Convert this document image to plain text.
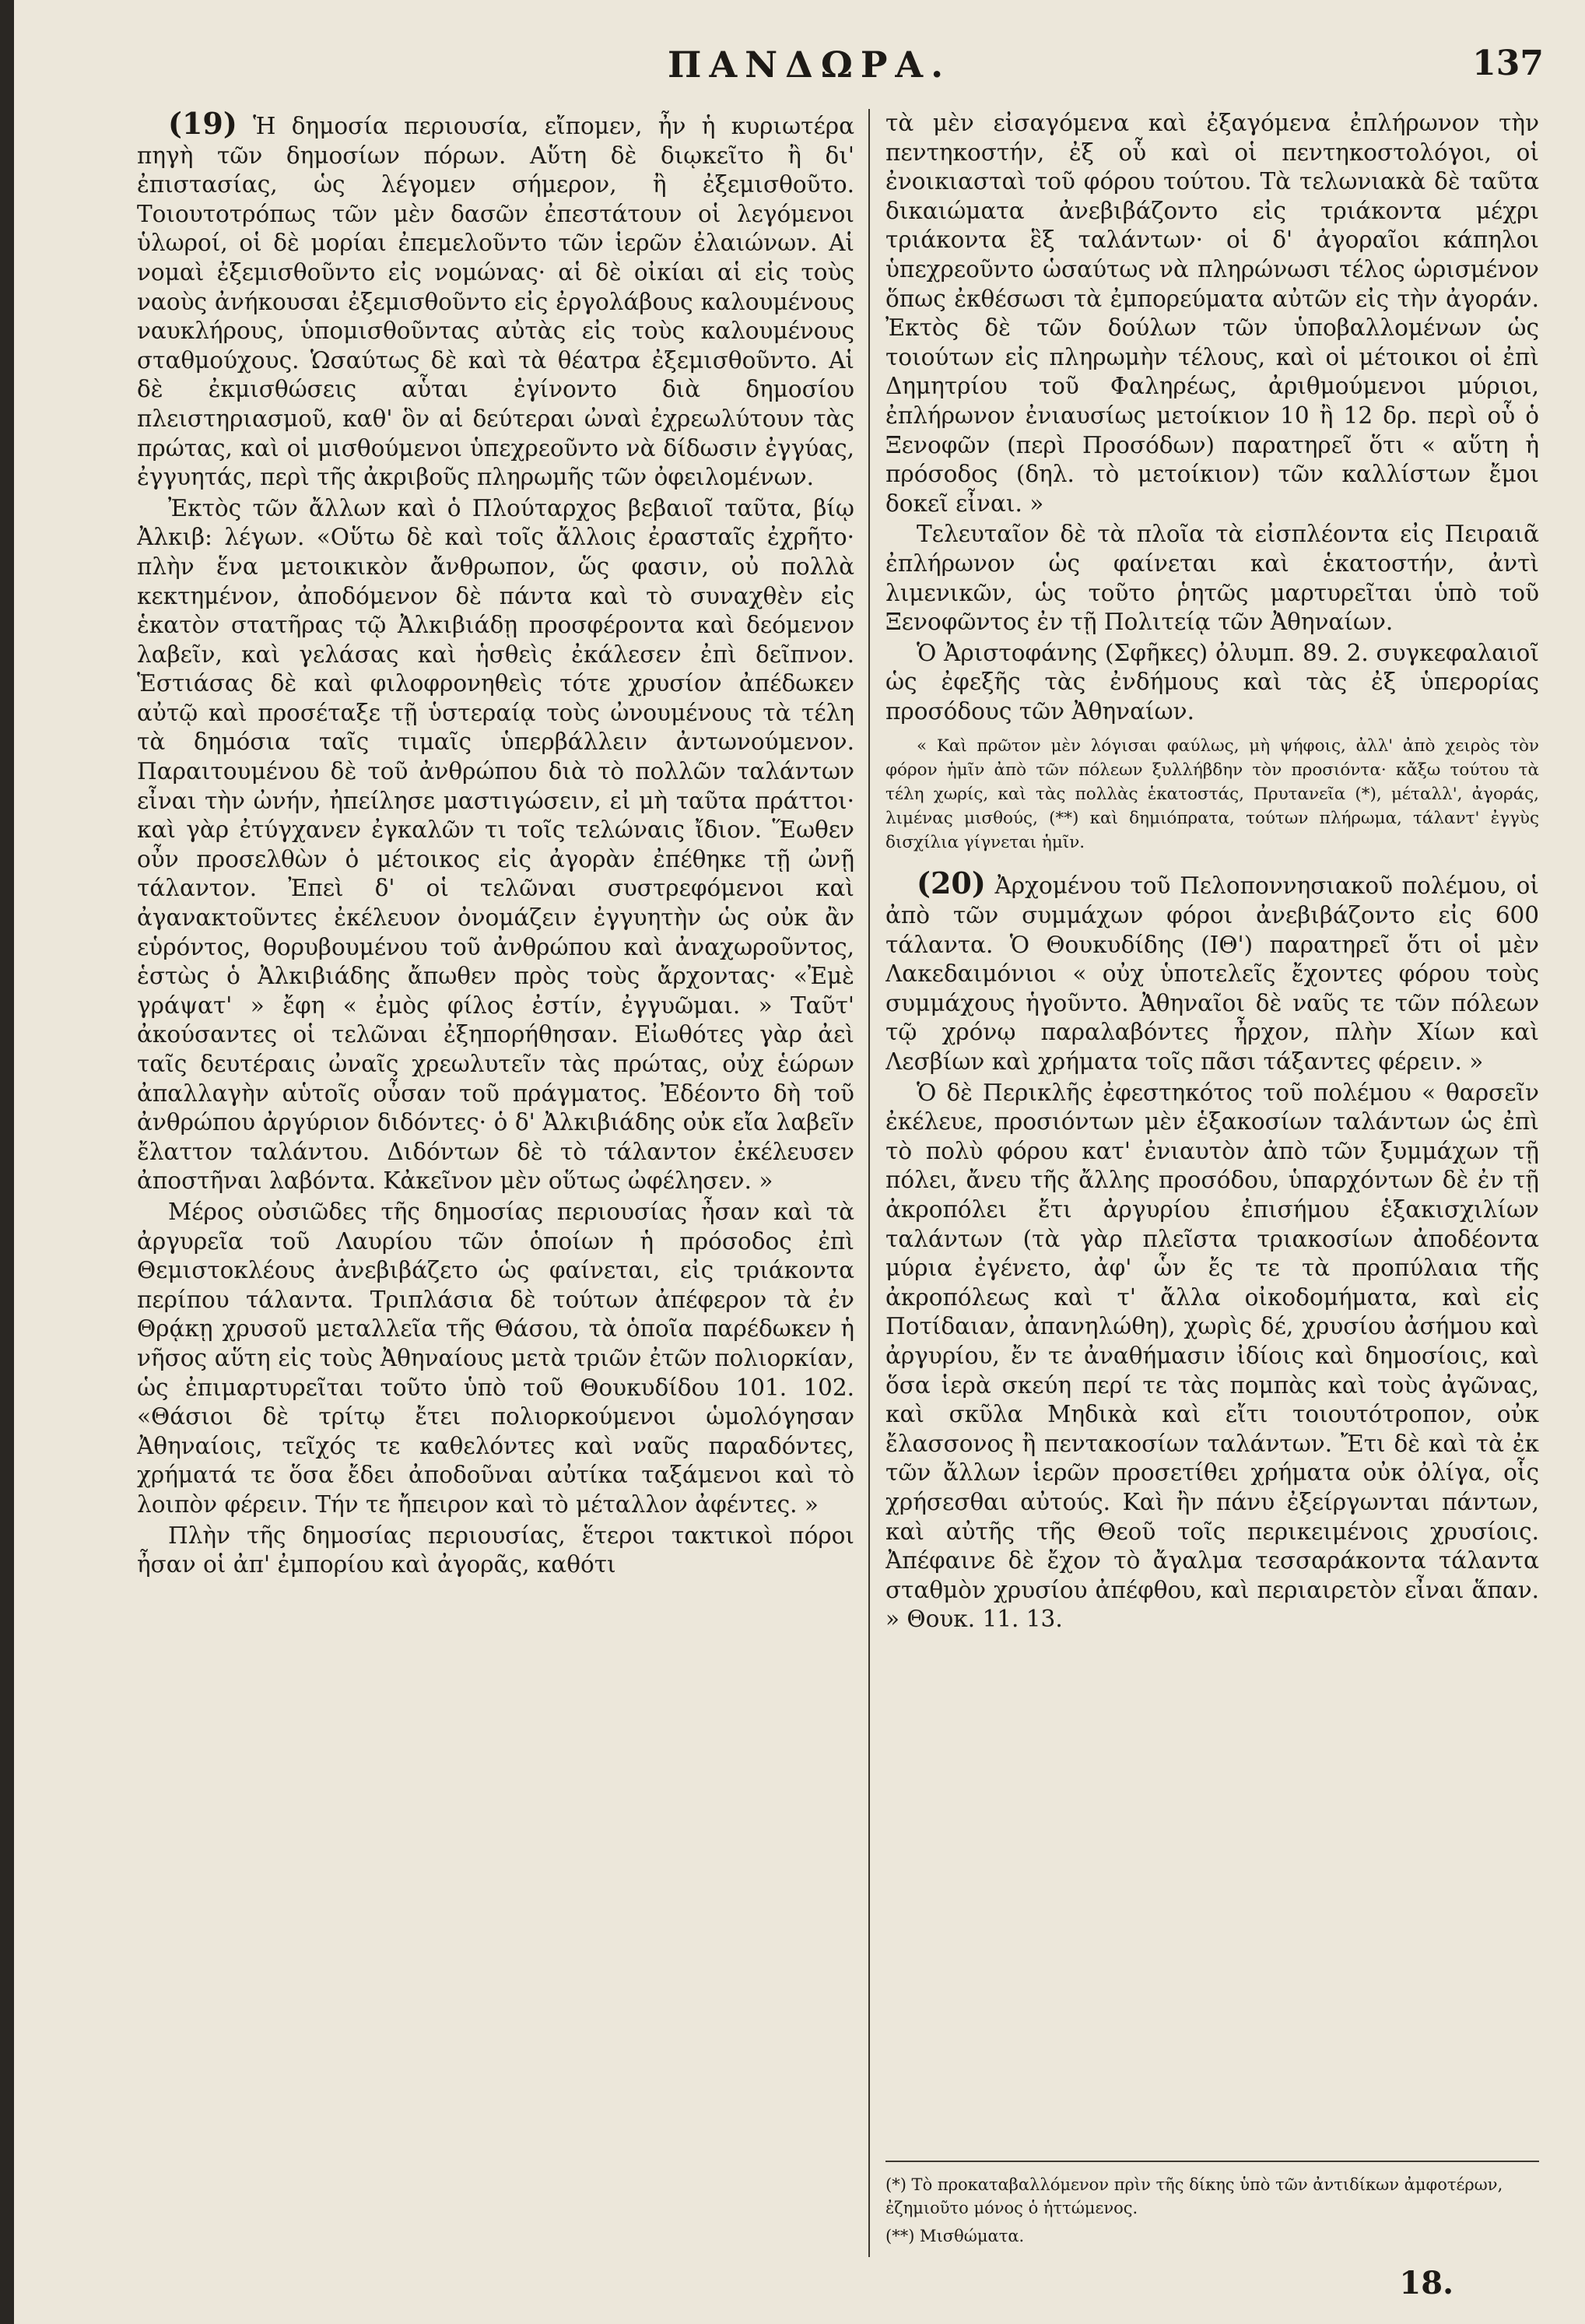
ΠΑΝΔΩΡΑ.	137

(19) Ἡ δημοσία περιουσία, εἴπομεν, ἦν ἡ κυριωτέρα πηγὴ τῶν δημοσίων πόρων. Αὕτη δὲ διῳκεῖτο ἢ δι' ἐπιστασίας, ὡς λέγομεν σήμερον, ἢ ἐξεμισθοῦτο. Τοιουτοτρόπως τῶν μὲν δασῶν ἐπεστάτουν οἱ λεγόμενοι ὑλωροί, οἱ δὲ μορίαι ἐπεμελοῦντο τῶν ἱερῶν ἐλαιώνων. Αἱ νομαὶ ἐξεμισθοῦντο εἰς νομώνας· αἱ δὲ οἰκίαι αἱ εἰς τοὺς ναοὺς ἀνήκουσαι ἐξεμισθοῦντο εἰς ἐργολάβους καλουμένους ναυκλήρους, ὑπομισθοῦντας αὐτὰς εἰς τοὺς καλουμένους σταθμούχους. Ὡσαύτως δὲ καὶ τὰ θέατρα ἐξεμισθοῦντο. Αἱ δὲ ἐκμισθώσεις αὗται ἐγίνοντο διὰ δημοσίου πλειστηριασμοῦ, καθ' ὃν αἱ δεύτεραι ὠναὶ ἐχρεωλύτουν τὰς πρώτας, καὶ οἱ μισθούμενοι ὑπεχρεοῦντο νὰ δίδωσιν ἐγγύας, ἐγγυητάς, περὶ τῆς ἀκριβοῦς πληρωμῆς τῶν ὀφειλομένων.

Ἐκτὸς τῶν ἄλλων καὶ ὁ Πλούταρχος βεβαιοῖ ταῦτα, βίῳ Ἀλκιβ: λέγων. «Οὕτω δὲ καὶ τοῖς ἄλλοις ἐρασταῖς ἐχρῆτο· πλὴν ἕνα μετοικικὸν ἄνθρωπον, ὥς φασιν, οὐ πολλὰ κεκτημένον, ἀποδόμενον δὲ πάντα καὶ τὸ συναχθὲν εἰς ἑκατὸν στατῆρας τῷ Ἀλκιβιάδῃ προσφέροντα καὶ δεόμενον λαβεῖν, καὶ γελάσας καὶ ἡσθεὶς ἐκάλεσεν ἐπὶ δεῖπνον. Ἑστιάσας δὲ καὶ φιλοφρονηθεὶς τότε χρυσίον ἀπέδωκεν αὐτῷ καὶ προσέταξε τῇ ὑστεραίᾳ τοὺς ὠνουμένους τὰ τέλη τὰ δημόσια ταῖς τιμαῖς ὑπερβάλλειν ἀντωνούμενον. Παραιτουμένου δὲ τοῦ ἀνθρώπου διὰ τὸ πολλῶν ταλάντων εἶναι τὴν ὠνήν, ἠπείλησε μαστιγώσειν, εἰ μὴ ταῦτα πράττοι· καὶ γὰρ ἐτύγχανεν ἐγκαλῶν τι τοῖς τελώναις ἴδιον. Ἕωθεν οὖν προσελθὼν ὁ μέτοικος εἰς ἀγορὰν ἐπέθηκε τῇ ὠνῇ τάλαντον. Ἐπεὶ δ' οἱ τελῶναι συστρεφόμενοι καὶ ἀγανακτοῦντες ἐκέλευον ὀνομάζειν ἐγγυητὴν ὡς οὐκ ἂν εὑρόντος, θορυβουμένου τοῦ ἀνθρώπου καὶ ἀναχωροῦντος, ἑστὼς ὁ Ἀλκιβιάδης ἄπωθεν πρὸς τοὺς ἄρχοντας· «Ἐμὲ γράψατ' » ἔφη « ἐμὸς φίλος ἐστίν, ἐγγυῶμαι. » Ταῦτ' ἀκούσαντες οἱ τελῶναι ἐξηπορήθησαν. Εἰωθότες γὰρ ἀεὶ ταῖς δευτέραις ὠναῖς χρεωλυτεῖν τὰς πρώτας, οὐχ ἑώρων ἀπαλλαγὴν αὑτοῖς οὖσαν τοῦ πράγματος. Ἐδέοντο δὴ τοῦ ἀνθρώπου ἀργύριον διδόντες· ὁ δ' Ἀλκιβιάδης οὐκ εἴα λαβεῖν ἔλαττον ταλάντου. Διδόντων δὲ τὸ τάλαντον ἐκέλευσεν ἀποστῆναι λαβόντα. Κἀκεῖνον μὲν οὕτως ὠφέλησεν. »

Μέρος οὐσιῶδες τῆς δημοσίας περιουσίας ἦσαν καὶ τὰ ἀργυρεῖα τοῦ Λαυρίου τῶν ὁποίων ἡ πρόσοδος ἐπὶ Θεμιστοκλέους ἀνεβιβάζετο ὡς φαίνεται, εἰς τριάκοντα περίπου τάλαντα. Τριπλάσια δὲ τούτων ἀπέφερον τὰ ἐν Θρᾴκῃ χρυσοῦ μεταλλεῖα τῆς Θάσου, τὰ ὁποῖα παρέδωκεν ἡ νῆσος αὕτη εἰς τοὺς Ἀθηναίους μετὰ τριῶν ἐτῶν πολιορκίαν, ὡς ἐπιμαρτυρεῖται τοῦτο ὑπὸ τοῦ Θουκυδίδου 101. 102. «Θάσιοι δὲ τρίτῳ ἔτει πολιορκούμενοι ὡμολόγησαν Ἀθηναίοις, τεῖχός τε καθελόντες καὶ ναῦς παραδόντες, χρήματά τε ὅσα ἔδει ἀποδοῦναι αὐτίκα ταξάμενοι καὶ τὸ λοιπὸν φέρειν. Τήν τε ἤπειρον καὶ τὸ μέταλλον ἀφέντες. »

Πλὴν τῆς δημοσίας περιουσίας, ἕτεροι τακτικοὶ πόροι ἦσαν οἱ ἀπ' ἐμπορίου καὶ ἀγορᾶς, καθότι

τὰ μὲν εἰσαγόμενα καὶ ἐξαγόμενα ἐπλήρωνον τὴν πεντηκοστήν, ἐξ οὗ καὶ οἱ πεντηκοστολόγοι, οἱ ἐνοικιασταὶ τοῦ φόρου τούτου. Τὰ τελωνιακὰ δὲ ταῦτα δικαιώματα ἀνεβιβάζοντο εἰς τριάκοντα μέχρι τριάκοντα ἓξ ταλάντων· οἱ δ' ἀγοραῖοι κάπηλοι ὑπεχρεοῦντο ὡσαύτως νὰ πληρώνωσι τέλος ὡρισμένον ὅπως ἐκθέσωσι τὰ ἐμπορεύματα αὐτῶν εἰς τὴν ἀγοράν. Ἐκτὸς δὲ τῶν δούλων τῶν ὑποβαλλομένων ὡς τοιούτων εἰς πληρωμὴν τέλους, καὶ οἱ μέτοικοι οἱ ἐπὶ Δημητρίου τοῦ Φαληρέως, ἀριθμούμενοι μύριοι, ἐπλήρωνον ἐνιαυσίως μετοίκιον 10 ἢ 12 δρ. περὶ οὗ ὁ Ξενοφῶν (περὶ Προσόδων) παρατηρεῖ ὅτι « αὕτη ἡ πρόσοδος (δηλ. τὸ μετοίκιον) τῶν καλλίστων ἔμοι δοκεῖ εἶναι. »

Τελευταῖον δὲ τὰ πλοῖα τὰ εἰσπλέοντα εἰς Πειραιᾶ ἐπλήρωνον ὡς φαίνεται καὶ ἑκατοστήν, ἀντὶ λιμενικῶν, ὡς τοῦτο ῥητῶς μαρτυρεῖται ὑπὸ τοῦ Ξενοφῶντος ἐν τῇ Πολιτείᾳ τῶν Ἀθηναίων.

Ὁ Ἀριστοφάνης (Σφῆκες) ὀλυμπ. 89. 2. συγκεφαλαιοῖ ὡς ἐφεξῆς τὰς ἐνδήμους καὶ τὰς ἐξ ὑπερορίας προσόδους τῶν Ἀθηναίων.

« Καὶ πρῶτον μὲν λόγισαι φαύλως, μὴ ψήφοις, ἀλλ' ἀπὸ χειρὸς τὸν φόρον ἡμῖν ἀπὸ τῶν πόλεων ξυλλήβδην τὸν προσιόντα· κἄξω τούτου τὰ τέλη χωρίς, καὶ τὰς πολλὰς ἑκατοστάς, Πρυτανεῖα (*), μέταλλ', ἀγοράς, λιμένας μισθούς, (**) καὶ δημιόπρατα, τούτων πλήρωμα, τάλαντ' ἐγγὺς δισχίλια γίγνεται ἡμῖν.

(20) Ἀρχομένου τοῦ Πελοποννησιακοῦ πολέμου, οἱ ἀπὸ τῶν συμμάχων φόροι ἀνεβιβάζοντο εἰς 600 τάλαντα. Ὁ Θουκυδίδης (ΙΘ') παρατηρεῖ ὅτι οἱ μὲν Λακεδαιμόνιοι « οὐχ ὑποτελεῖς ἔχοντες φόρου τοὺς συμμάχους ἡγοῦντο. Ἀθηναῖοι δὲ ναῦς τε τῶν πόλεων τῷ χρόνῳ παραλαβόντες ἦρχον, πλὴν Χίων καὶ Λεσβίων καὶ χρήματα τοῖς πᾶσι τάξαντες φέρειν. »

Ὁ δὲ Περικλῆς ἐφεστηκότος τοῦ πολέμου « θαρσεῖν ἐκέλευε, προσιόντων μὲν ἑξακοσίων ταλάντων ὡς ἐπὶ τὸ πολὺ φόρου κατ' ἐνιαυτὸν ἀπὸ τῶν ξυμμάχων τῇ πόλει, ἄνευ τῆς ἄλλης προσόδου, ὑπαρχόντων δὲ ἐν τῇ ἀκροπόλει ἔτι ἀργυρίου ἐπισήμου ἑξακισχιλίων ταλάντων (τὰ γὰρ πλεῖστα τριακοσίων ἀποδέοντα μύρια ἐγένετο, ἀφ' ὧν ἔς τε τὰ προπύλαια τῆς ἀκροπόλεως καὶ τ' ἄλλα οἰκοδομήματα, καὶ εἰς Ποτίδαιαν, ἀπανηλώθη), χωρὶς δέ, χρυσίου ἀσήμου καὶ ἀργυρίου, ἔν τε ἀναθήμασιν ἰδίοις καὶ δημοσίοις, καὶ ὅσα ἱερὰ σκεύη περί τε τὰς πομπὰς καὶ τοὺς ἀγῶνας, καὶ σκῦλα Μηδικὰ καὶ εἴτι τοιουτότροπον, οὐκ ἔλασσονος ἢ πεντακοσίων ταλάντων. Ἔτι δὲ καὶ τὰ ἐκ τῶν ἄλλων ἱερῶν προσετίθει χρήματα οὐκ ὀλίγα, οἷς χρήσεσθαι αὐτούς. Καὶ ἢν πάνυ ἐξείργωνται πάντων, καὶ αὐτῆς τῆς Θεοῦ τοῖς περικειμένοις χρυσίοις. Ἀπέφαινε δὲ ἔχον τὸ ἄγαλμα τεσσαράκοντα τάλαντα σταθμὸν χρυσίου ἀπέφθου, καὶ περιαιρετὸν εἶναι ἅπαν. » Θουκ. 11. 13.

(*) Τὸ προκαταβαλλόμενον πρὶν τῆς δίκης ὑπὸ τῶν ἀντιδίκων ἀμφοτέρων, ἐζημιοῦτο μόνος ὁ ἡττώμενος.
(**) Μισθώματα.
18.
